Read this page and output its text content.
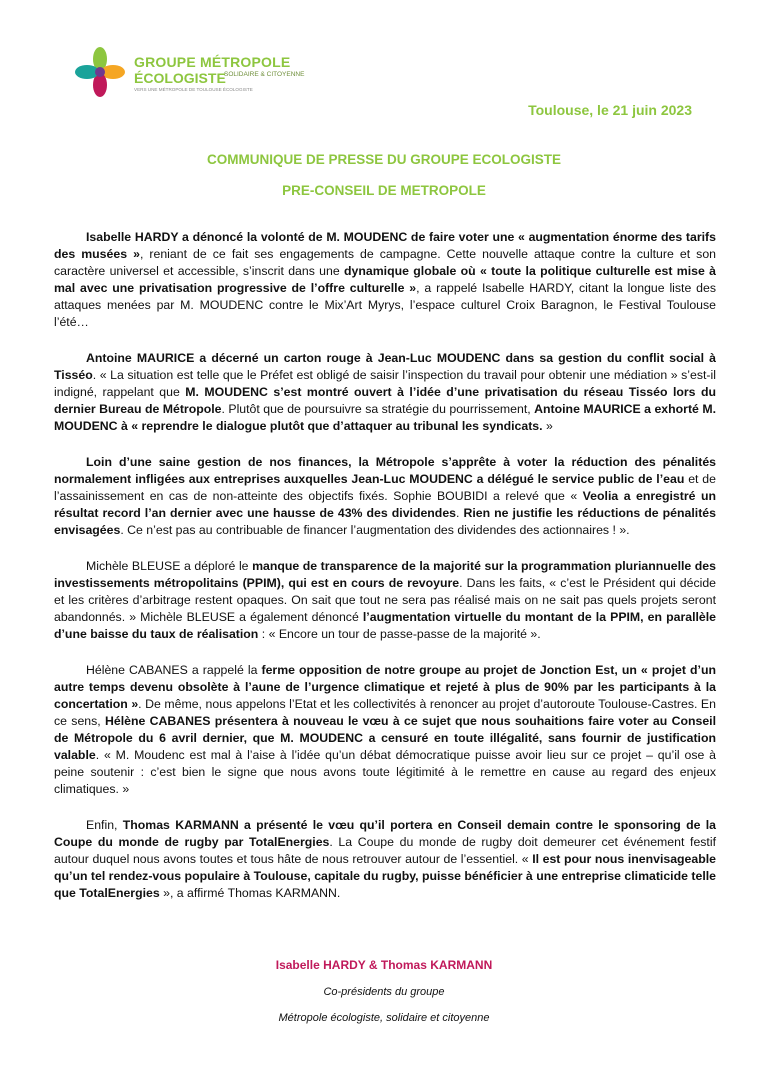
GROUPE MÉTROPOLE
ÉCOLOGISTE
SOLIDAIRE & CITOYENNE
VERS UNE MÉTROPOLE DE TOULOUSE ÉCOLOGISTE
Toulouse, le 21 juin 2023
COMMUNIQUE DE PRESSE DU GROUPE ECOLOGISTE
PRE-CONSEIL DE METROPOLE

Isabelle HARDY a dénoncé la volonté de M. MOUDENC de faire voter une « augmentation énorme des tarifs des musées », reniant de ce fait ses engagements de campagne. Cette nouvelle attaque contre la culture et son caractère universel et accessible, s’inscrit dans une dynamique globale où « toute la politique culturelle est mise à mal avec une privatisation progressive de l’offre culturelle », a rappelé Isabelle HARDY, citant la longue liste des attaques menées par M. MOUDENC contre le Mix’Art Myrys, l’espace culturel Croix Baragnon, le Festival Toulouse l’été…

Antoine MAURICE a décerné un carton rouge à Jean-Luc MOUDENC dans sa gestion du conflit social à Tisséo. « La situation est telle que le Préfet est obligé de saisir l’inspection du travail pour obtenir une médiation » s’est-il indigné, rappelant que M. MOUDENC s’est montré ouvert à l’idée d’une privatisation du réseau Tisséo lors du dernier Bureau de Métropole. Plutôt que de poursuivre sa stratégie du pourrissement, Antoine MAURICE a exhorté M. MOUDENC à « reprendre le dialogue plutôt que d’attaquer au tribunal les syndicats. »

Loin d’une saine gestion de nos finances, la Métropole s’apprête à voter la réduction des pénalités normalement infligées aux entreprises auxquelles Jean-Luc MOUDENC a délégué le service public de l’eau et de l’assainissement en cas de non-atteinte des objectifs fixés. Sophie BOUBIDI a relevé que « Veolia a enregistré un résultat record l’an dernier avec une hausse de 43% des dividendes. Rien ne justifie les réductions de pénalités envisagées. Ce n’est pas au contribuable de financer l’augmentation des dividendes des actionnaires ! ».

Michèle BLEUSE a déploré le manque de transparence de la majorité sur la programmation pluriannuelle des investissements métropolitains (PPIM), qui est en cours de revoyure. Dans les faits, « c’est le Président qui décide et les critères d’arbitrage restent opaques. On sait que tout ne sera pas réalisé mais on ne sait pas quels projets seront abandonnés. » Michèle BLEUSE a également dénoncé l’augmentation virtuelle du montant de la PPIM, en parallèle d’une baisse du taux de réalisation : « Encore un tour de passe-passe de la majorité ».

Hélène CABANES a rappelé la ferme opposition de notre groupe au projet de Jonction Est, un « projet d’un autre temps devenu obsolète à l’aune de l’urgence climatique et rejeté à plus de 90% par les participants à la concertation ». De même, nous appelons l’Etat et les collectivités à renoncer au projet d’autoroute Toulouse-Castres. En ce sens, Hélène CABANES présentera à nouveau le vœu à ce sujet que nous souhaitions faire voter au Conseil de Métropole du 6 avril dernier, que M. MOUDENC a censuré en toute illégalité, sans fournir de justification valable. « M. Moudenc est mal à l’aise à l’idée qu’un débat démocratique puisse avoir lieu sur ce projet – qu’il ose à peine soutenir : c’est bien le signe que nous avons toute légitimité à le remettre en cause au regard des enjeux climatiques. »

Enfin, Thomas KARMANN a présenté le vœu qu’il portera en Conseil demain contre le sponsoring de la Coupe du monde de rugby par TotalEnergies. La Coupe du monde de rugby doit demeurer cet événement festif autour duquel nous avons toutes et tous hâte de nous retrouver autour de l’essentiel. « Il est pour nous inenvisageable qu’un tel rendez-vous populaire à Toulouse, capitale du rugby, puisse bénéficier à une entreprise climaticide telle que TotalEnergies », a affirmé Thomas KARMANN.

Isabelle HARDY & Thomas KARMANN
Co-présidents du groupe
Métropole écologiste, solidaire et citoyenne
